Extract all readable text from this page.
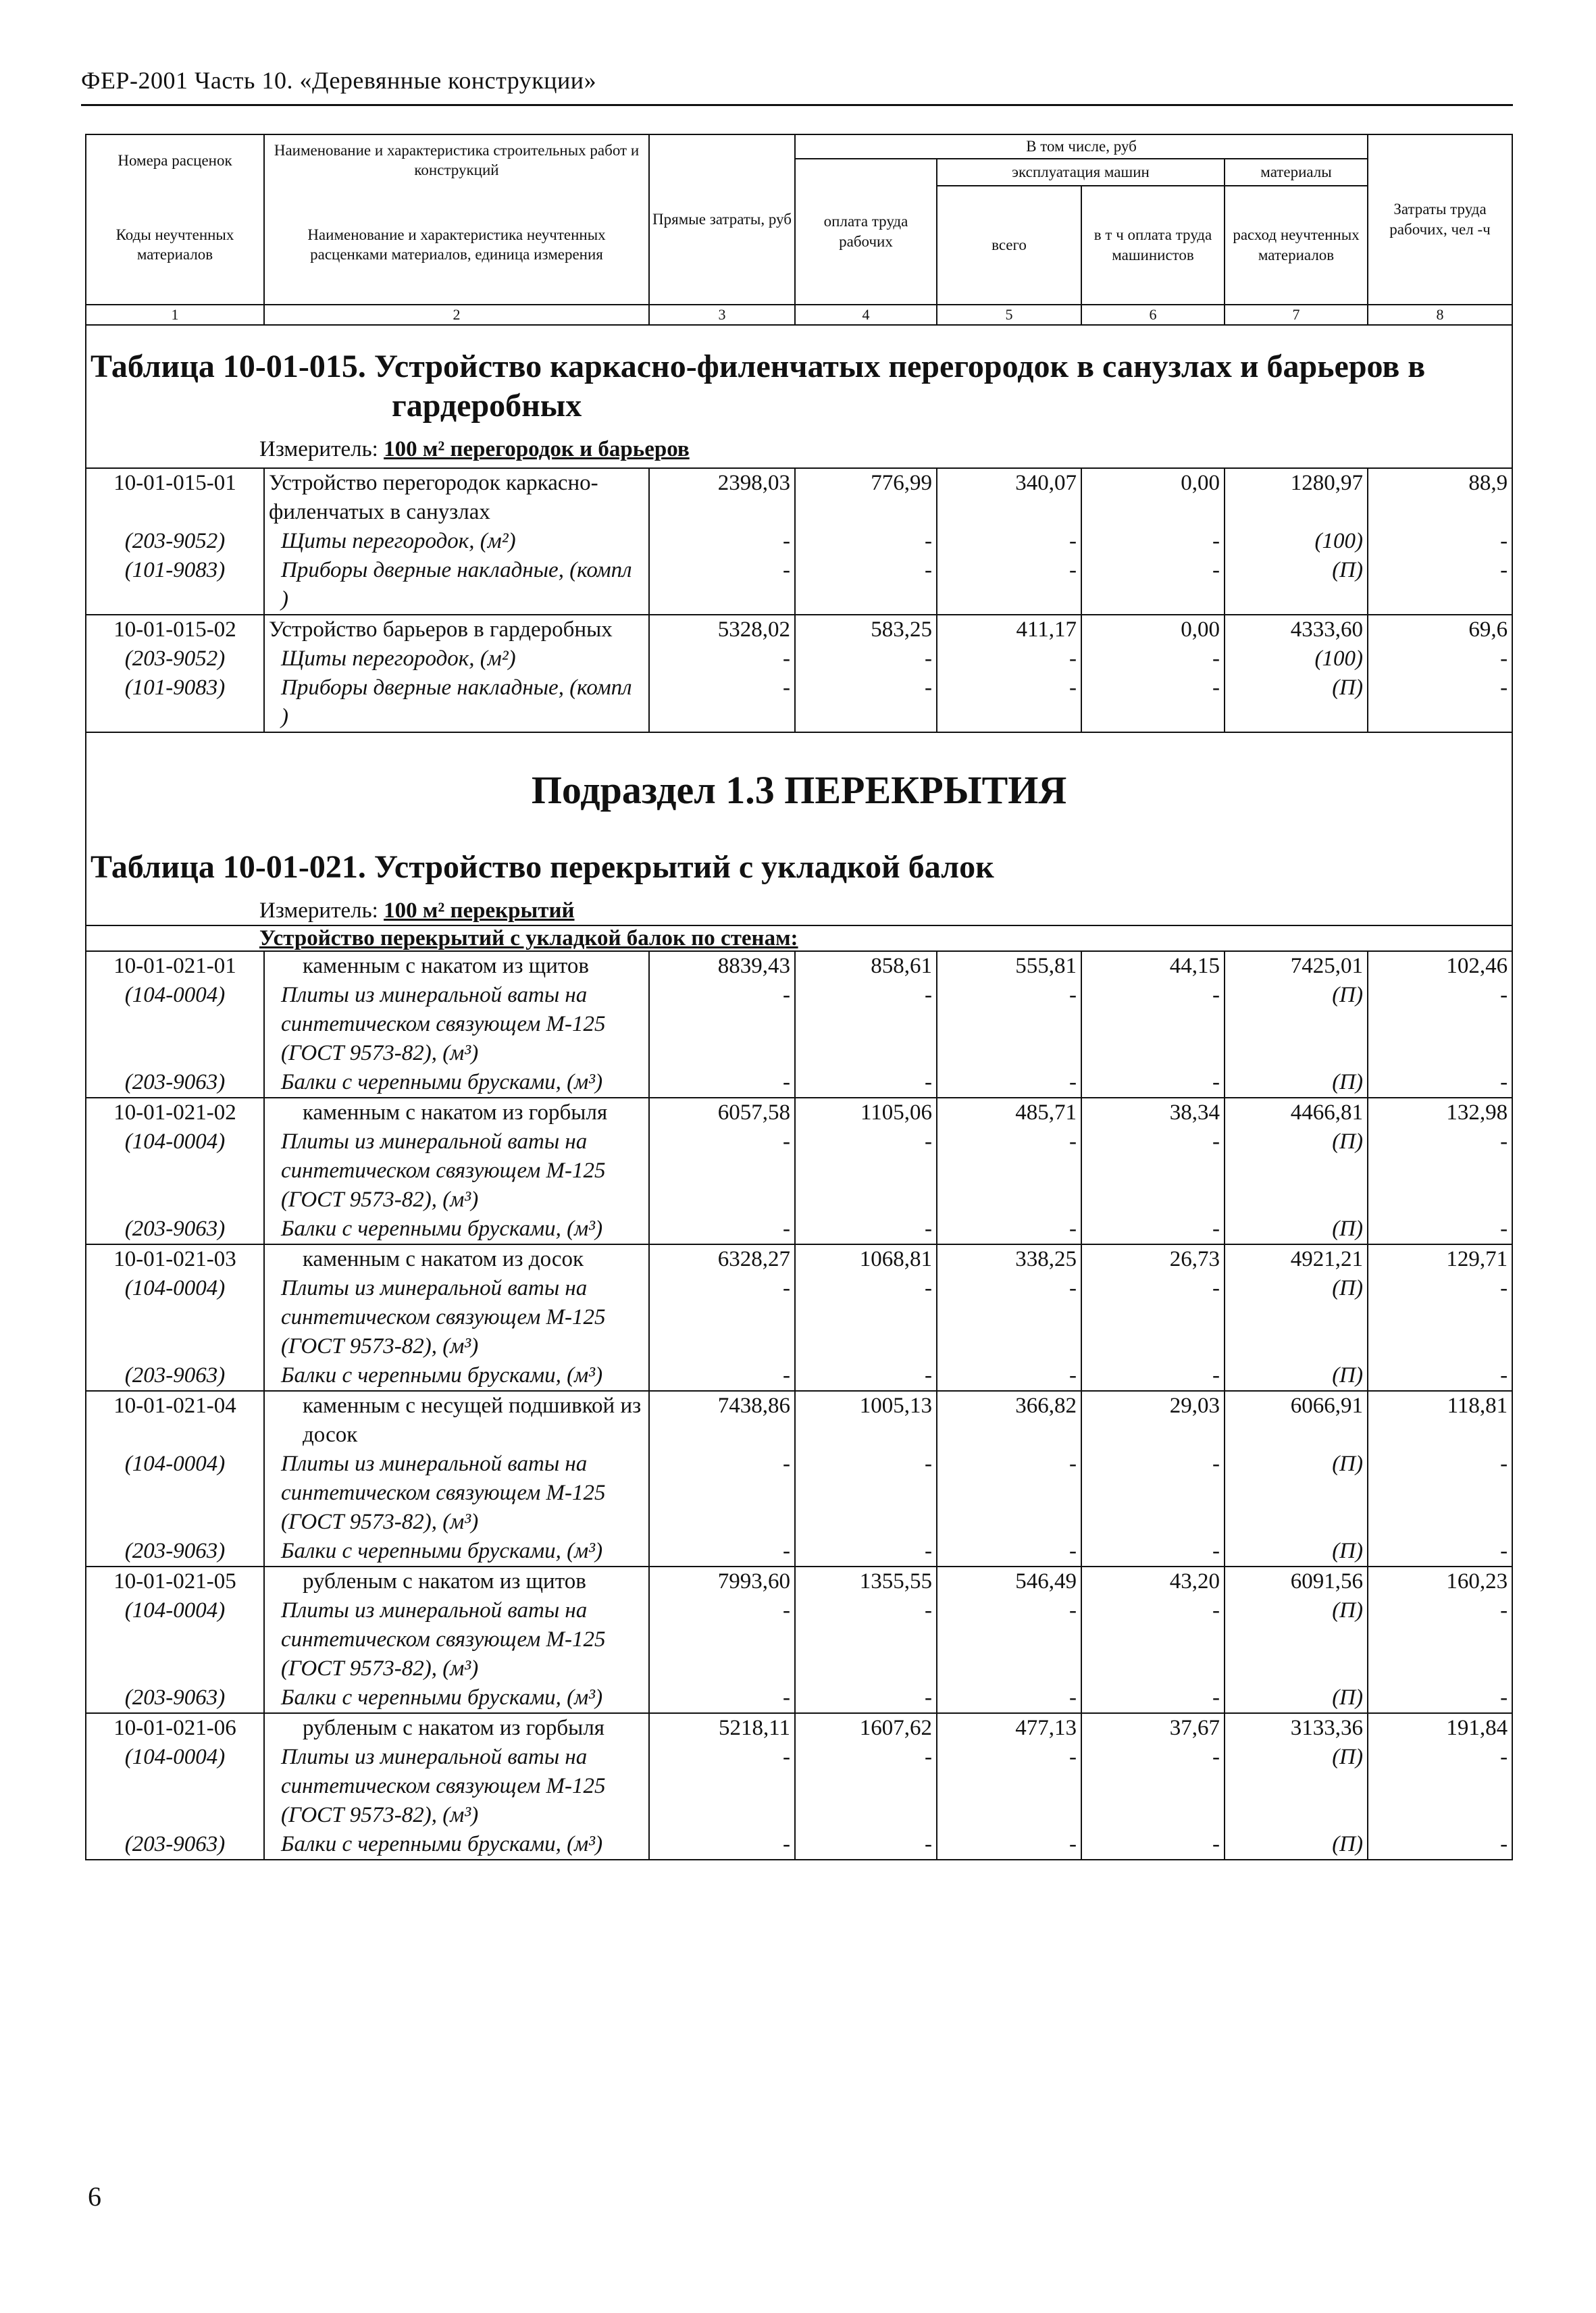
ФЕР-2001 Часть 10. «Деревянные конструкции»
Номера расценок	Наименование и характеристика строительных работ и конструкций	Прямые затраты, руб	В том числе, руб				Затраты труда рабочих, чел -ч
			оплата труда рабочих	эксплуатация машин		материалы	
Коды неучтенных материалов	Наименование и характеристика неучтенных расценками материалов, единица измерения			всего	в т ч оплата труда машинистов	расход неучтенных материалов	

1	2	3	4	5	6	7	8
Таблица 10-01-015. Устройство каркасно-филенчатых перегородок в санузлах и барьеров в гардеробных
Измеритель: 100 м² перегородок и барьеров							

10-01-015-01	Устройство перегородок каркасно-филенчатых в санузлах	2398,03	776,99	340,07	0,00	1280,97	88,9
(203-9052)	Щиты перегородок, (м²)	-	-	-	-	(100)	-
(101-9083)	Приборы дверные накладные, (компл )	-	-	-	-	(П)	-
10-01-015-02	Устройство барьеров в гардеробных	5328,02	583,25	411,17	0,00	4333,60	69,6
(203-9052)	Щиты перегородок, (м²)	-	-	-	-	(100)	-
(101-9083)	Приборы дверные накладные, (компл )	-	-	-	-	(П)	-

Подраздел 1.3 ПЕРЕКРЫТИЯ
Таблица 10-01-021. Устройство перекрытий с укладкой балок
Измеритель: 100 м² перекрытий							

Устройство перекрытий с укладкой балок по стенам:							
10-01-021-01	каменным с накатом из щитов	8839,43	858,61	555,81	44,15	7425,01	102,46
(104-0004)	Плиты из минеральной ваты на синтетическом связующем М-125 (ГОСТ 9573-82), (м³)	-	-	-	-	(П)	-
(203-9063)	Балки с черепными брусками, (м³)	-	-	-	-	(П)	-
10-01-021-02	каменным с накатом из горбыля	6057,58	1105,06	485,71	38,34	4466,81	132,98
(104-0004)	Плиты из минеральной ваты на синтетическом связующем М-125 (ГОСТ 9573-82), (м³)	-	-	-	-	(П)	-
(203-9063)	Балки с черепными брусками, (м³)	-	-	-	-	(П)	-
10-01-021-03	каменным с накатом из досок	6328,27	1068,81	338,25	26,73	4921,21	129,71
(104-0004)	Плиты из минеральной ваты на синтетическом связующем М-125 (ГОСТ 9573-82), (м³)	-	-	-	-	(П)	-
(203-9063)	Балки с черепными брусками, (м³)	-	-	-	-	(П)	-
10-01-021-04	каменным с несущей подшивкой из досок	7438,86	1005,13	366,82	29,03	6066,91	118,81
(104-0004)	Плиты из минеральной ваты на синтетическом связующем М-125 (ГОСТ 9573-82), (м³)	-	-	-	-	(П)	-
(203-9063)	Балки с черепными брусками, (м³)	-	-	-	-	(П)	-
10-01-021-05	рубленым с накатом из щитов	7993,60	1355,55	546,49	43,20	6091,56	160,23
(104-0004)	Плиты из минеральной ваты на синтетическом связующем М-125 (ГОСТ 9573-82), (м³)	-	-	-	-	(П)	-
(203-9063)	Балки с черепными брусками, (м³)	-	-	-	-	(П)	-
10-01-021-06	рубленым с накатом из горбыля	5218,11	1607,62	477,13	37,67	3133,36	191,84
(104-0004)	Плиты из минеральной ваты на синтетическом связующем М-125 (ГОСТ 9573-82), (м³)	-	-	-	-	(П)	-
(203-9063)	Балки с черепными брусками, (м³)	-	-	-	-	(П)	-
6
